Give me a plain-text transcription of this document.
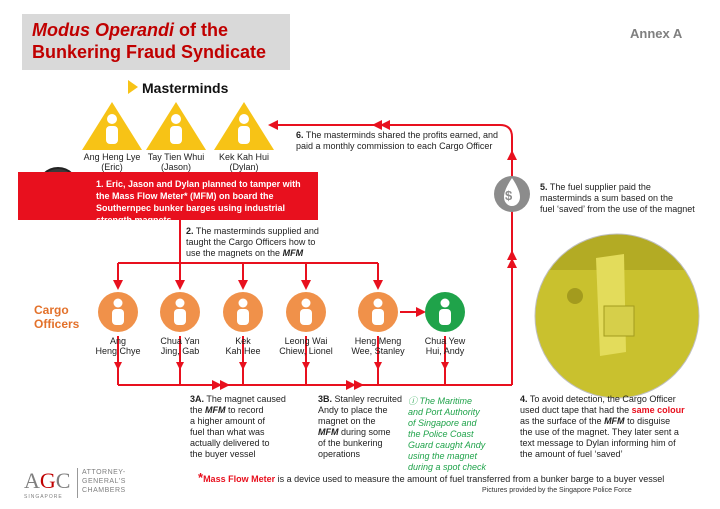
Modus Operandi of the
Bunkering Fraud Syndicate
Annex A
Masterminds
Ang Heng Lye
(Eric)
Tay Tien Whui
(Jason)
Kek Kah Hui
(Dylan)
1. Eric, Jason and Dylan planned to tamper with the Mass Flow Meter* (MFM) on board the Southernpec bunker barges using industrial strength magnets
6. The masterminds shared the profits earned, and
paid a monthly commission to each Cargo Officer
5. The fuel supplier paid the
masterminds a sum based on the
fuel ‘saved’ from the use of the magnet
2. The masterminds supplied and
taught the Cargo Officers how to
use the magnets on the MFM
Cargo
Officers
Ang
Heng Chye
Chua Yan
Jing, Gab
Kek
Kah Hee
Leong Wai
Chiew, Lionel
Heng Meng
Wee, Stanley
Chua Yew
Hui, Andy
3A. The magnet caused
the MFM to record
a higher amount of
fuel than what was
actually delivered to
the buyer vessel
3B. Stanley recruited
Andy to place the
magnet on the
MFM during some
of the bunkering
operations
ⓘ The Maritime
and Port Authority
of Singapore and
the Police Coast
Guard caught Andy
using the magnet
during a spot check
4. To avoid detection, the Cargo Officer
used duct tape that had the same colour
as the surface of the MFM to disguise
the use of the magnet. They later sent a
text message to Dylan informing him of
the amount of fuel ‘saved’
$
*Mass Flow Meter is a device used to measure the amount of fuel transferred from a bunker barge to a buyer vessel
Pictures provided by the Singapore Police Force
AGC
SINGAPORE
ATTORNEY-
GENERAL'S
CHAMBERS
